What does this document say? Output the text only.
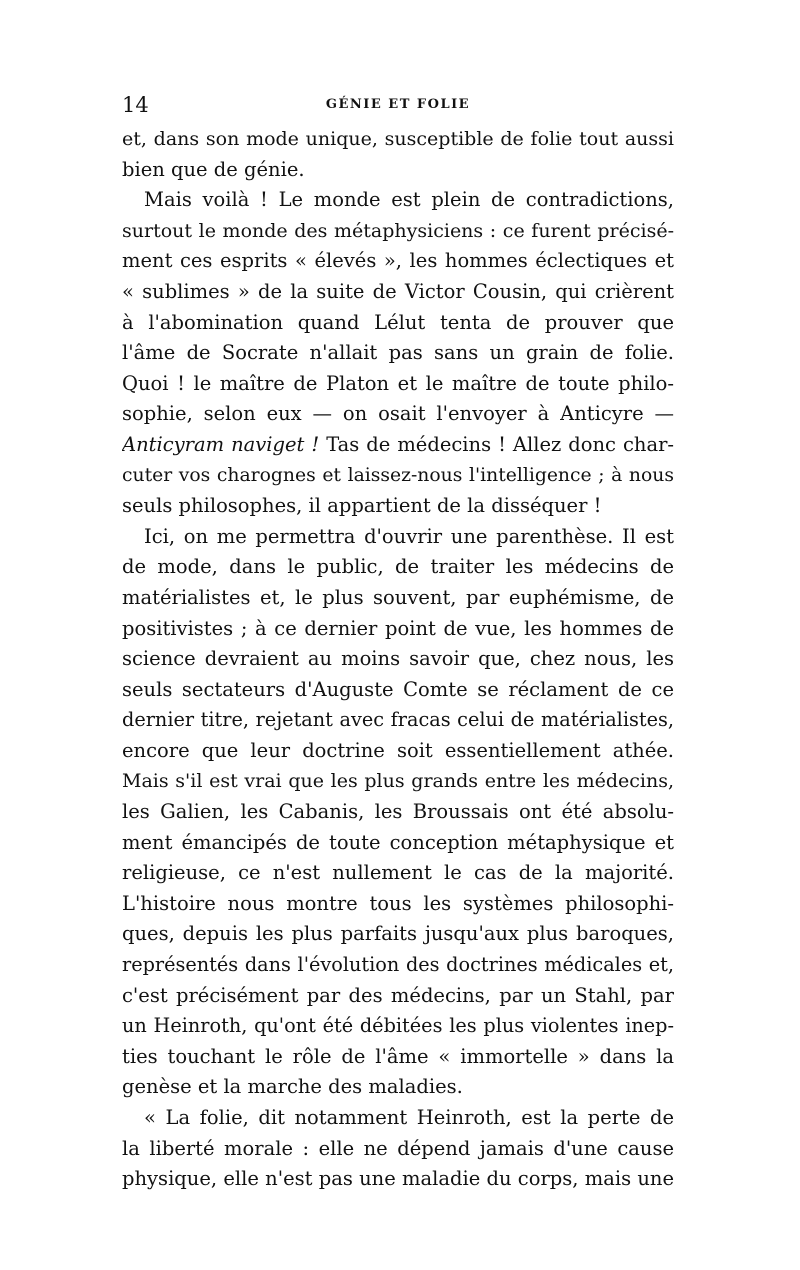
14	GÉNIE ET FOLIE
et, dans son mode unique, susceptible de folie tout aussi
bien que de génie.
Mais voilà ! Le monde est plein de contradictions,
surtout le monde des métaphysiciens : ce furent précisé-
ment ces esprits « élevés », les hommes éclectiques et
« sublimes » de la suite de Victor Cousin, qui crièrent
à l'abomination quand Lélut tenta de prouver que
l'âme de Socrate n'allait pas sans un grain de folie.
Quoi ! le maître de Platon et le maître de toute philo-
sophie, selon eux — on osait l'envoyer à Anticyre —
Anticyram naviget ! Tas de médecins ! Allez donc char-
cuter vos charognes et laissez-nous l'intelligence ; à nous
seuls philosophes, il appartient de la disséquer !
Ici, on me permettra d'ouvrir une parenthèse. Il est
de mode, dans le public, de traiter les médecins de
matérialistes et, le plus souvent, par euphémisme, de
positivistes ; à ce dernier point de vue, les hommes de
science devraient au moins savoir que, chez nous, les
seuls sectateurs d'Auguste Comte se réclament de ce
dernier titre, rejetant avec fracas celui de matérialistes,
encore que leur doctrine soit essentiellement athée.
Mais s'il est vrai que les plus grands entre les médecins,
les Galien, les Cabanis, les Broussais ont été absolu-
ment émancipés de toute conception métaphysique et
religieuse, ce n'est nullement le cas de la majorité.
L'histoire nous montre tous les systèmes philosophi-
ques, depuis les plus parfaits jusqu'aux plus baroques,
représentés dans l'évolution des doctrines médicales et,
c'est précisément par des médecins, par un Stahl, par
un Heinroth, qu'ont été débitées les plus violentes inep-
ties touchant le rôle de l'âme « immortelle » dans la
genèse et la marche des maladies.
« La folie, dit notamment Heinroth, est la perte de
la liberté morale : elle ne dépend jamais d'une cause
physique, elle n'est pas une maladie du corps, mais une
